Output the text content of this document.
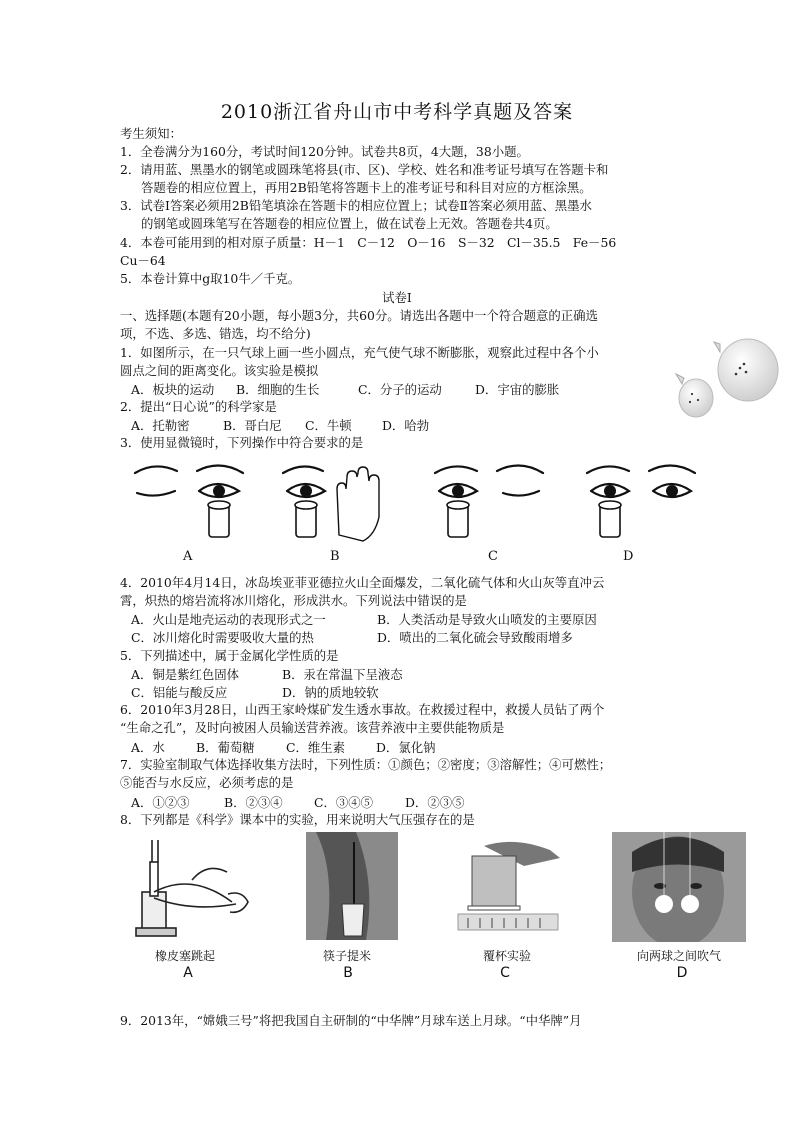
2010浙江省舟山市中考科学真题及答案
考生须知：
1．全卷满分为160分，考试时间120分钟。试卷共8页，4大题，38小题。
2．请用蓝、黑墨水的钢笔或圆珠笔将县(市、区)、学校、姓名和准考证号填写在答题卡和
答题卷的相应位置上，再用2B铅笔将答题卡上的准考证号和科目对应的方框涂黑。
3．试卷Ⅰ答案必须用2B铅笔填涂在答题卡的相应位置上；试卷Ⅱ答案必须用蓝、黑墨水
的钢笔或圆珠笔写在答题卷的相应位置上，做在试卷上无效。答题卷共4页。
4．本卷可能用到的相对原子质量：H－1　C－12　O－16　S－32　Cl－35.5　Fe－56
Cu－64
5．本卷计算中g取10牛／千克。
试卷Ⅰ
一、选择题(本题有20小题，每小题3分，共60分。请选出各题中一个符合题意的正确选
项，不选、多选、错选，均不给分)
1．如图所示，在一只气球上画一些小圆点，充气使气球不断膨胀，观察此过程中各个小
圆点之间的距离变化。该实验是模拟
A．板块的运动 B．细胞的生长	C．分子的运动	D．宇宙的膨胀
2．提出“日心说”的科学家是
A．托勒密	B．哥白尼 C．牛顿 D．哈勃
3．使用显微镜时，下列操作中符合要求的是
A	B	C	D
4．2010年4月14日，冰岛埃亚菲亚德拉火山全面爆发，二氧化硫气体和火山灰等直冲云
霄，炽热的熔岩流将冰川熔化，形成洪水。下列说法中错误的是
A．火山是地壳运动的表现形式之一	B．人类活动是导致火山喷发的主要原因
C．冰川熔化时需要吸收大量的热	D．喷出的二氧化硫会导致酸雨增多
5．下列描述中，属于金属化学性质的是
A．铜是紫红色固体	B．汞在常温下呈液态
C．铝能与酸反应	D．钠的质地较软
6．2010年3月28日，山西王家岭煤矿发生透水事故。在救援过程中，救援人员钻了两个
“生命之孔”，及时向被困人员输送营养液。该营养液中主要供能物质是
A．水	B．葡萄糖	C．维生素 D．氯化钠
7．实验室制取气体选择收集方法时，下列性质：①颜色；②密度；③溶解性；④可燃性；
⑤能否与水反应，必须考虑的是
A．①②③	B．②③④	C．③④⑤	D．②③⑤
8．下列都是《科学》课本中的实验，用来说明大气压强存在的是
橡皮塞跳起	筷子提米	覆杯实验	向两球之间吹气
A	B	C	D
9．2013年，“嫦娥三号”将把我国自主研制的“中华牌”月球车送上月球。“中华牌”月
